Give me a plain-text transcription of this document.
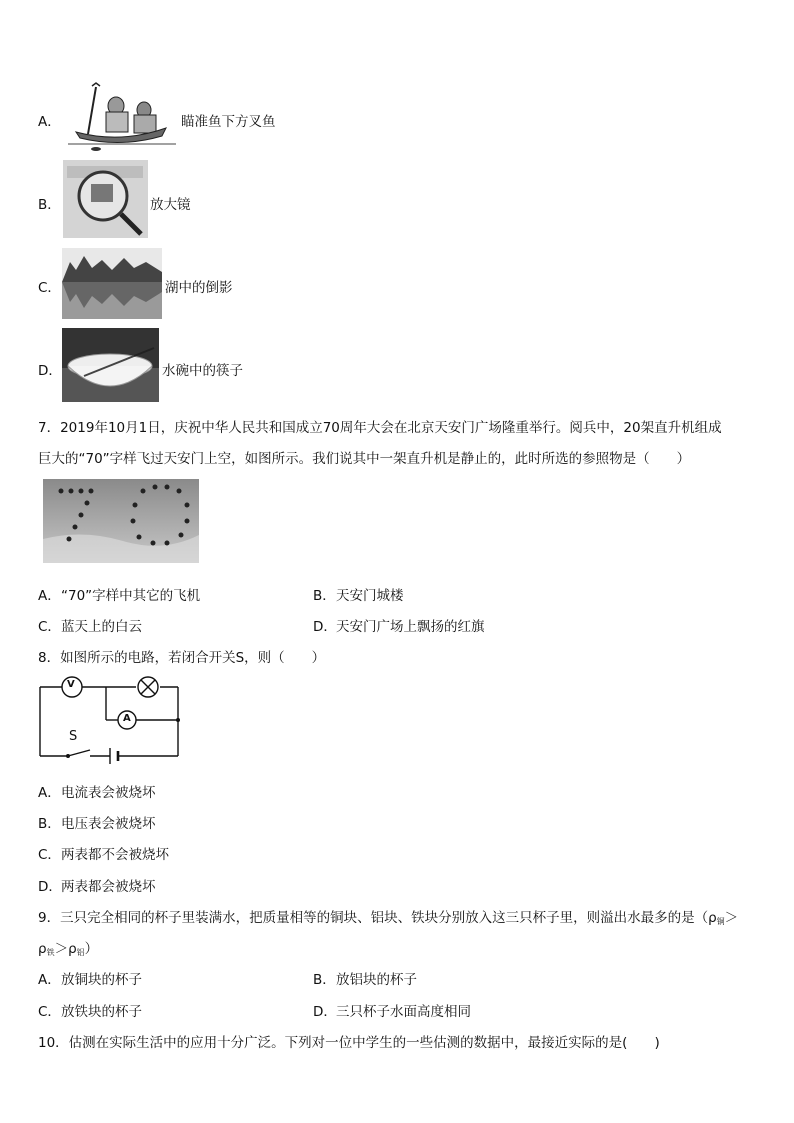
A．	瞄准鱼下方叉鱼
B．	放大镜
C．	湖中的倒影
D．	水碗中的筷子
7．2019年10月1日，庆祝中华人民共和国成立70周年大会在北京天安门广场隆重举行。阅兵中，20架直升机组成
巨大的“70”字样飞过天安门上空，如图所示。我们说其中一架直升机是静止的，此时所选的参照物是（　　）
A． “70”字样中其它的飞机	B． 天安门城楼
C． 蓝天上的白云	D． 天安门广场上飘扬的红旗
8．如图所示的电路，若闭合开关S，则（　　）
V
A
S
A． 电流表会被烧坏
B． 电压表会被烧坏
C． 两表都不会被烧坏
D． 两表都会被烧坏
9．三只完全相同的杯子里装满水，把质量相等的铜块、铝块、铁块分别放入这三只杯子里，则溢出水最多的是（$\rho_铜>$
$\rho_铁>\rho_铝$）
A． 放铜块的杯子	B． 放铝块的杯子
C． 放铁块的杯子	D． 三只杯子水面高度相同
10．估测在实际生活中的应用十分广泛。下列对一位中学生的一些估测的数据中，最接近实际的是(　　)
